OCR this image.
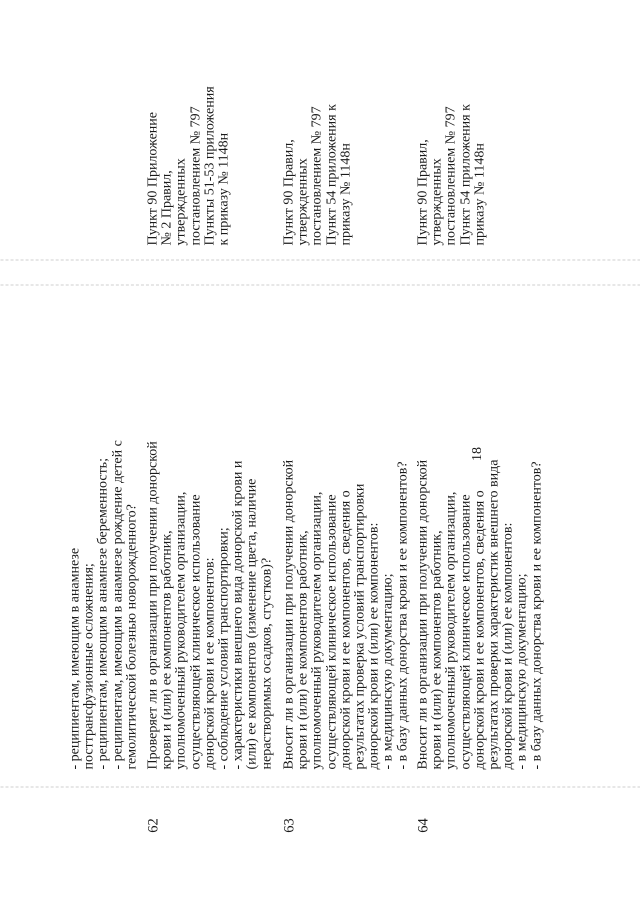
18
- реципиентам, имеющим в анамнезе посттрансфузионные осложнения; - реципиентам, имеющим в анамнезе беременность; - реципиентам, имеющим в анамнезе рождение детей с гемолитической болезнью новорожденного?
62
Проверяет ли в организации при получении донорской крови и (или) ее компонентов работник, уполномоченный руководителем организации, осуществляющей клиническое использование донорской крови и ее компонентов: - соблюдение условий транспортировки; - характеристики внешнего вида донорской крови и (или) ее компонентов (изменение цвета, наличие нерастворимых осадков, сгустков)?
Пункт 90 Приложение № 2 Правил, утвержденных постановлением № 797 Пункты 51-53 приложения к приказу № 1148н
63
Вносит ли в организации при получении донорской крови и (или) ее компонентов работник, уполномоченный руководителем организации, осуществляющей клиническое использование донорской крови и ее компонентов, сведения о результатах проверка условий транспортировки донорской крови и (или) ее компонентов: - в медицинскую документацию; - в базу данных донорства крови и ее компонентов?
Пункт 90 Правил, утвержденных постановлением № 797 Пункт 54 приложения к приказу № 1148н
64
Вносит ли в организации при получении донорской крови и (или) ее компонентов работник, уполномоченный руководителем организации, осуществляющей клиническое использование донорской крови и ее компонентов, сведения о результатах проверки характеристик внешнего вида донорской крови и (или) ее компонентов: - в медицинскую документацию; - в базу данных донорства крови и ее компонентов?
Пункт 90 Правил, утвержденных постановлением № 797 Пункт 54 приложения к приказу № 1148н
